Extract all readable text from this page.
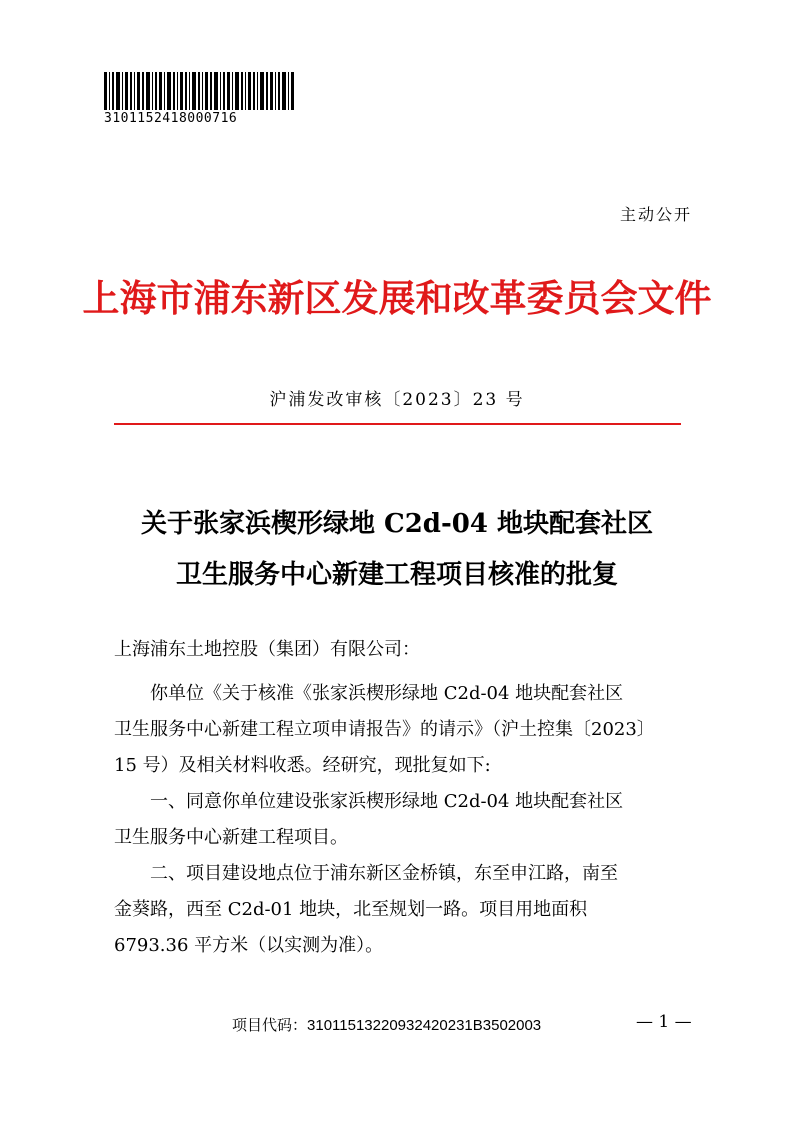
3101152418000716
主动公开
上海市浦东新区发展和改革委员会文件
沪浦发改审核〔2023〕23 号
关于张家浜楔形绿地 C2d-04 地块配套社区
卫生服务中心新建工程项目核准的批复
上海浦东土地控股（集团）有限公司：
你单位《关于核准《张家浜楔形绿地 C2d-04 地块配套社区
卫生服务中心新建工程立项申请报告》的请示》（沪土控集〔2023〕
15 号）及相关材料收悉。经研究，现批复如下:
一、同意你单位建设张家浜楔形绿地 C2d-04 地块配套社区
卫生服务中心新建工程项目。
二、项目建设地点位于浦东新区金桥镇，东至申江路，南至
金葵路，西至 C2d-01 地块，北至规划一路。项目用地面积
6793.36 平方米（以实测为准）。
项目代码：31011513220932420231B3502003	— 1 —
